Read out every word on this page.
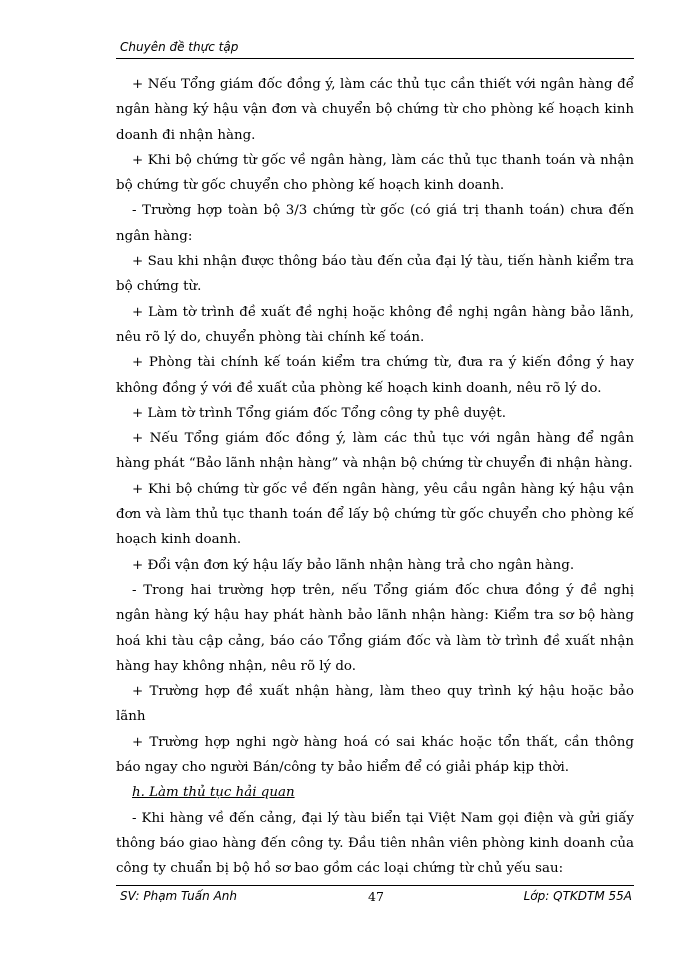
Chuyên đề thực tập

+ Nếu Tổng giám đốc đồng ý, làm các thủ tục cần thiết với ngân hàng để ngân hàng ký hậu vận đơn và chuyển bộ chứng từ cho phòng kế hoạch kinh doanh đi nhận hàng.

+ Khi bộ chứng từ gốc về ngân hàng, làm các thủ tục thanh toán và nhận bộ chứng từ gốc chuyển cho phòng kế hoạch kinh doanh.

- Trường hợp toàn bộ 3/3 chứng từ gốc (có giá trị thanh toán) chưa đến ngân hàng:

+ Sau khi nhận được thông báo tàu đến của đại lý tàu, tiến hành kiểm tra bộ chứng từ.

+ Làm tờ trình đề xuất đề nghị hoặc không đề nghị ngân hàng bảo lãnh, nêu rõ lý do, chuyển phòng tài chính kế toán.

+ Phòng tài chính kế toán kiểm tra chứng từ, đưa ra ý kiến đồng ý hay không đồng ý với đề xuất của phòng kế hoạch kinh doanh, nêu rõ lý do.

+ Làm tờ trình Tổng giám đốc Tổng công ty phê duyệt.

+ Nếu Tổng giám đốc đồng ý, làm các thủ tục với ngân hàng để ngân hàng phát “Bảo lãnh nhận hàng” và nhận bộ chứng từ chuyển đi nhận hàng.

+ Khi bộ chứng từ gốc về đến ngân hàng, yêu cầu ngân hàng ký hậu vận đơn và làm thủ tục thanh toán để lấy bộ chứng từ gốc chuyển cho phòng kế hoạch kinh doanh.

+ Đổi vận đơn ký hậu lấy bảo lãnh nhận hàng trả cho ngân hàng.

- Trong hai trường hợp trên, nếu Tổng giám đốc chưa đồng ý đề nghị ngân hàng ký hậu hay phát hành bảo lãnh nhận hàng: Kiểm tra sơ bộ hàng hoá khi tàu cập cảng, báo cáo Tổng giám đốc và làm tờ trình đề xuất nhận hàng hay không nhận, nêu rõ lý do.

+ Trường hợp đề xuất nhận hàng, làm theo quy trình ký hậu hoặc bảo lãnh

+ Trường hợp nghi ngờ hàng hoá có sai khác hoặc tổn thất, cần thông báo ngay cho người Bán/công ty bảo hiểm để có giải pháp kịp thời.

h. Làm thủ tục hải quan

- Khi hàng về đến cảng, đại lý tàu biển tại Việt Nam gọi điện và gửi giấy thông báo giao hàng đến công ty. Đầu tiên nhân viên phòng kinh doanh của công ty chuẩn bị bộ hồ sơ bao gồm các loại chứng từ chủ yếu sau:

SV: Phạm Tuấn Anh	47	Lớp: QTKDTM 55A
